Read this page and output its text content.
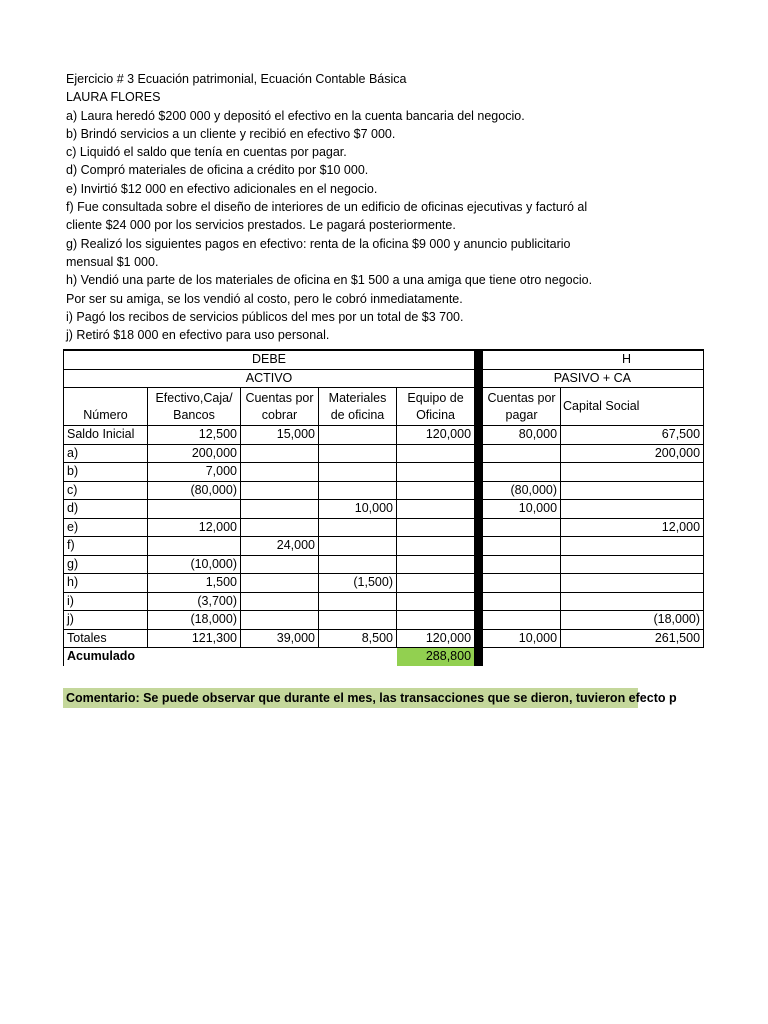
Ejercicio # 3 Ecuación patrimonial, Ecuación Contable Básica
LAURA FLORES
a) Laura heredó $200 000 y depositó el efectivo en la cuenta bancaria del negocio.
b) Brindó servicios a un cliente y recibió en efectivo $7 000.
c) Liquidó el saldo que tenía en cuentas por pagar.
d) Compró materiales de oficina a crédito por $10 000.
e) Invirtió $12 000 en efectivo adicionales en el negocio.
f) Fue consultada sobre el diseño de interiores de un edificio de oficinas ejecutivas y facturó al
cliente $24 000 por los servicios prestados. Le pagará posteriormente.
g) Realizó los siguientes pagos en efectivo: renta de la oficina $9 000 y anuncio publicitario
mensual $1 000.
h) Vendió una parte de los materiales de oficina en $1 500 a una amiga que tiene otro negocio.
Por ser su amiga, se los vendió al costo, pero le cobró inmediatamente.
i) Pagó los recibos de servicios públicos del mes por un total de $3 700.
j) Retiró $18 000 en efectivo para uso personal.
DEBE						H	
ACTIVO						PASIVO + CA	
Número	Efectivo,Caja/ Bancos	Cuentas por cobrar	Materiales de oficina	Equipo de Oficina		Cuentas por pagar	Capital Social
Saldo Inicial	12,500	15,000		120,000		80,000	67,500
a)	200,000						200,000
b)	7,000						
c)	(80,000)					(80,000)	
d)			10,000			10,000	
e)	12,000						12,000
f)		24,000					
g)	(10,000)						
h)	1,500		(1,500)				
i)	(3,700)						
j)	(18,000)						(18,000)
Totales	121,300	39,000	8,500	120,000		10,000	261,500
Acumulado				288,800			
Comentario: Se puede observar que durante el mes, las transacciones que se dieron, tuvieron efecto p
